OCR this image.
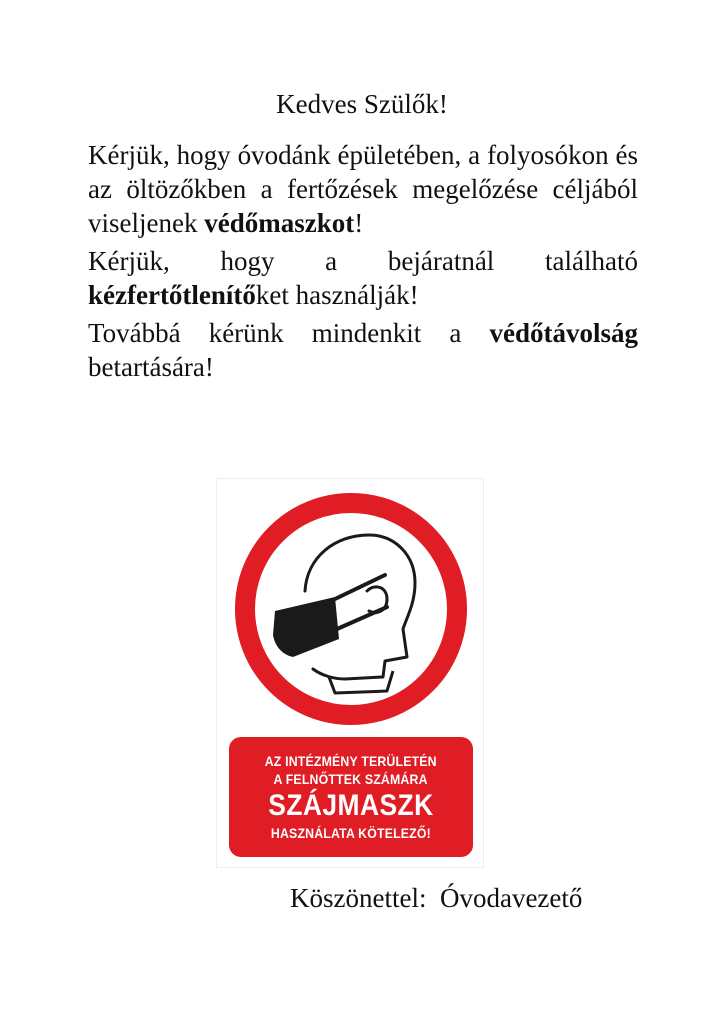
Kedves Szülők!

Kérjük, hogy óvodánk épületében, a folyosókon és az öltözőkben a fertőzések megelőzése céljából viseljenek védőmaszkot!

Kérjük, hogy a bejáratnál található kézfertőtlenítőket használják!

Továbbá kérünk mindenkit a védőtávolság betartására!

AZ INTÉZMÉNY TERÜLETÉN
A FELNŐTTEK SZÁMÁRA
SZÁJMASZK
HASZNÁLATA KÖTELEZŐ!
Köszönettel:  Óvodavezető
